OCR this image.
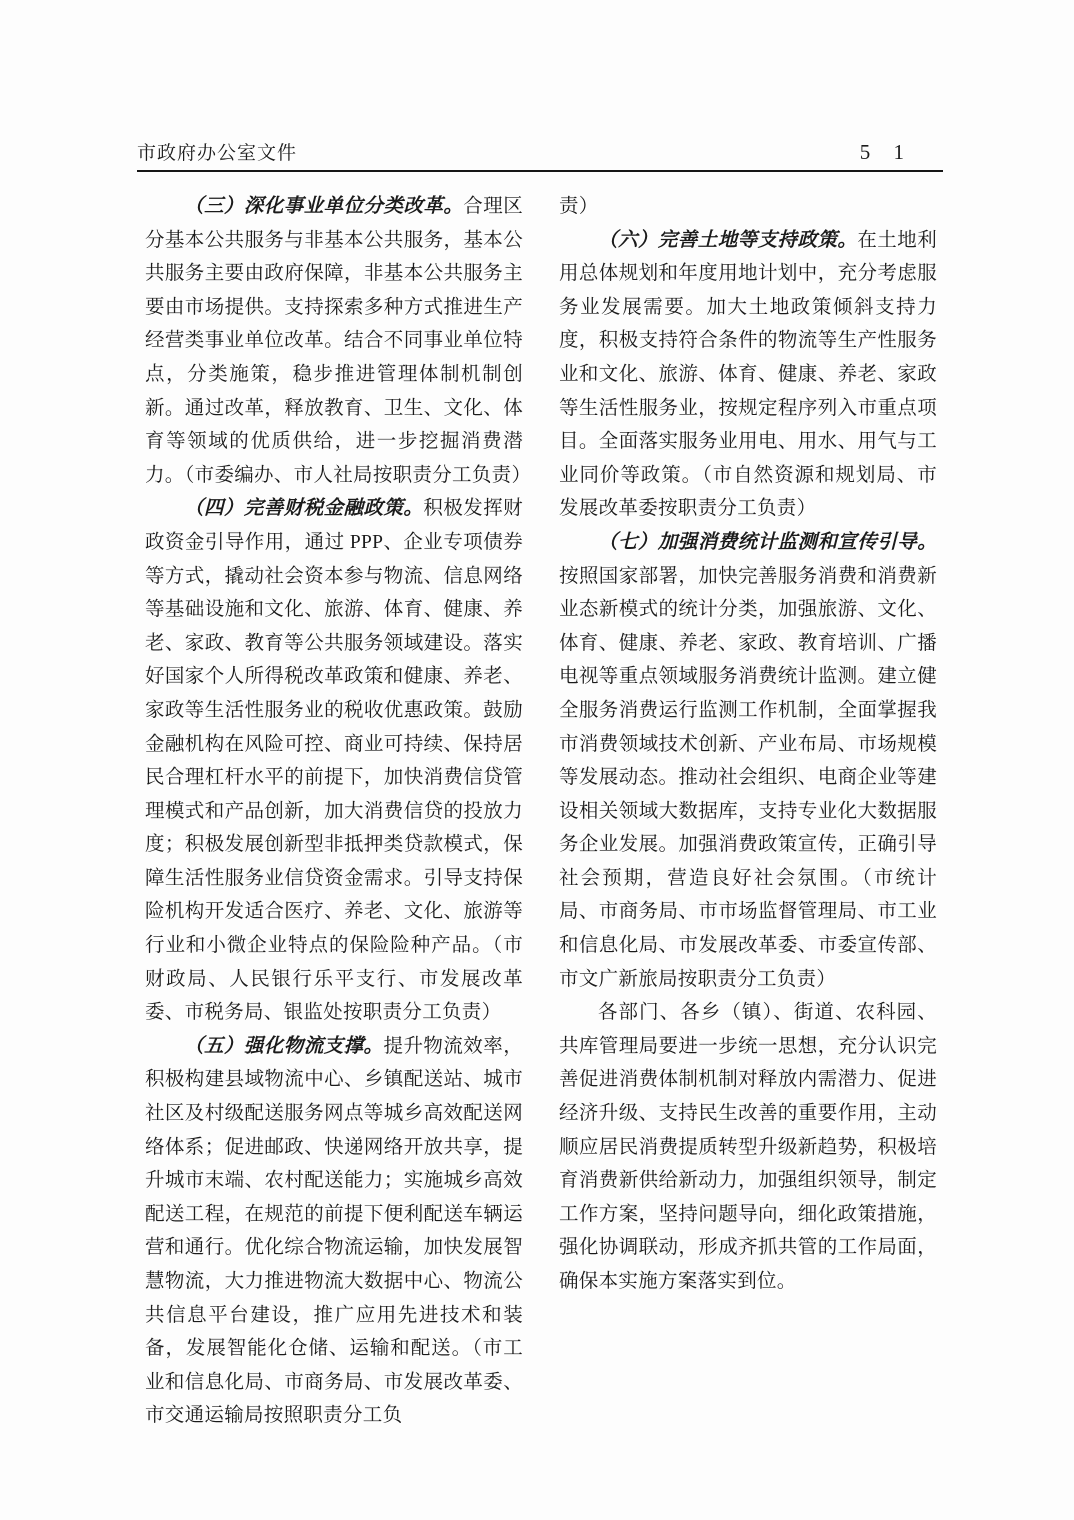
市政府办公室文件	5 1

（三）深化事业单位分类改革。合理区分基本公共服务与非基本公共服务，基本公共服务主要由政府保障，非基本公共服务主要由市场提供。支持探索多种方式推进生产经营类事业单位改革。结合不同事业单位特点，分类施策，稳步推进管理体制机制创新。通过改革，释放教育、卫生、文化、体育等领域的优质供给，进一步挖掘消费潜力。（市委编办、市人社局按职责分工负责）

（四）完善财税金融政策。积极发挥财政资金引导作用，通过 PPP、企业专项债券等方式，撬动社会资本参与物流、信息网络等基础设施和文化、旅游、体育、健康、养老、家政、教育等公共服务领域建设。落实好国家个人所得税改革政策和健康、养老、家政等生活性服务业的税收优惠政策。鼓励金融机构在风险可控、商业可持续、保持居民合理杠杆水平的前提下，加快消费信贷管理模式和产品创新，加大消费信贷的投放力度；积极发展创新型非抵押类贷款模式，保障生活性服务业信贷资金需求。引导支持保险机构开发适合医疗、养老、文化、旅游等行业和小微企业特点的保险险种产品。（市财政局、人民银行乐平支行、市发展改革委、市税务局、银监处按职责分工负责）

（五）强化物流支撑。提升物流效率，积极构建县域物流中心、乡镇配送站、城市社区及村级配送服务网点等城乡高效配送网络体系；促进邮政、快递网络开放共享，提升城市末端、农村配送能力；实施城乡高效配送工程，在规范的前提下便利配送车辆运营和通行。优化综合物流运输，加快发展智慧物流，大力推进物流大数据中心、物流公共信息平台建设，推广应用先进技术和装备，发展智能化仓储、运输和配送。（市工业和信息化局、市商务局、市发展改革委、市交通运输局按照职责分工负

责）

（六）完善土地等支持政策。在土地利用总体规划和年度用地计划中，充分考虑服务业发展需要。加大土地政策倾斜支持力度，积极支持符合条件的物流等生产性服务业和文化、旅游、体育、健康、养老、家政等生活性服务业，按规定程序列入市重点项目。全面落实服务业用电、用水、用气与工业同价等政策。（市自然资源和规划局、市发展改革委按职责分工负责）

（七）加强消费统计监测和宣传引导。按照国家部署，加快完善服务消费和消费新业态新模式的统计分类，加强旅游、文化、体育、健康、养老、家政、教育培训、广播电视等重点领域服务消费统计监测。建立健全服务消费运行监测工作机制，全面掌握我市消费领域技术创新、产业布局、市场规模等发展动态。推动社会组织、电商企业等建设相关领域大数据库，支持专业化大数据服务企业发展。加强消费政策宣传，正确引导社会预期，营造良好社会氛围。（市统计局、市商务局、市市场监督管理局、市工业和信息化局、市发展改革委、市委宣传部、市文广新旅局按职责分工负责）

各部门、各乡（镇）、街道、农科园、共库管理局要进一步统一思想，充分认识完善促进消费体制机制对释放内需潜力、促进经济升级、支持民生改善的重要作用，主动顺应居民消费提质转型升级新趋势，积极培育消费新供给新动力，加强组织领导，制定工作方案，坚持问题导向，细化政策措施，强化协调联动，形成齐抓共管的工作局面，确保本实施方案落实到位。
